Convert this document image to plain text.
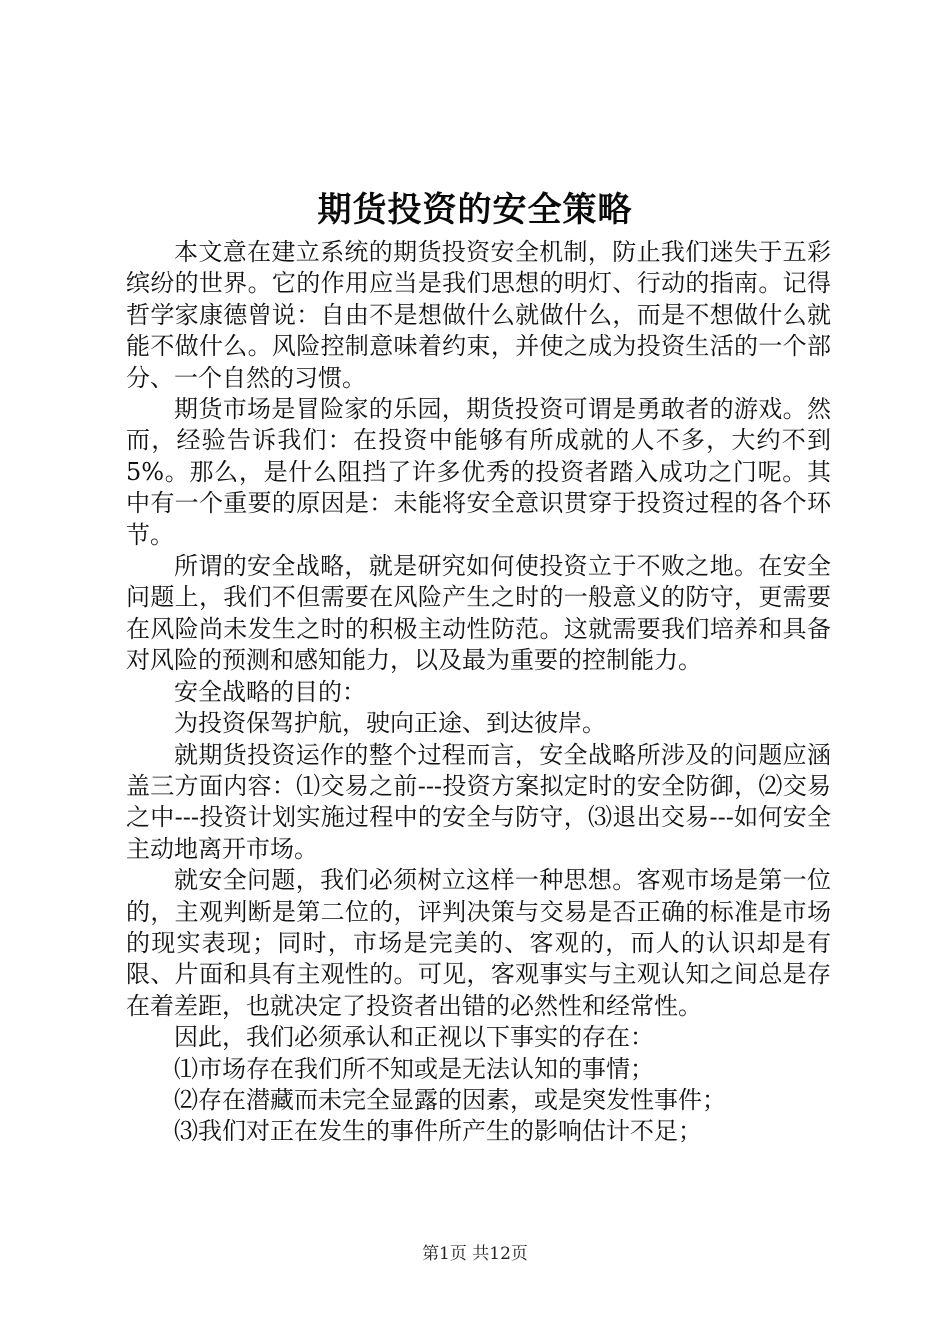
期货投资的安全策略

本文意在建立系统的期货投资安全机制，防止我们迷失于五彩缤纷的世界。它的作用应当是我们思想的明灯、行动的指南。记得哲学家康德曾说：自由不是想做什么就做什么，而是不想做什么就能不做什么。风险控制意味着约束，并使之成为投资生活的一个部分、一个自然的习惯。

期货市场是冒险家的乐园，期货投资可谓是勇敢者的游戏。然而，经验告诉我们：在投资中能够有所成就的人不多，大约不到5%。那么，是什么阻挡了许多优秀的投资者踏入成功之门呢。其中有一个重要的原因是：未能将安全意识贯穿于投资过程的各个环节。

所谓的安全战略，就是研究如何使投资立于不败之地。在安全问题上，我们不但需要在风险产生之时的一般意义的防守，更需要在风险尚未发生之时的积极主动性防范。这就需要我们培养和具备对风险的预测和感知能力，以及最为重要的控制能力。

安全战略的目的：

为投资保驾护航，驶向正途、到达彼岸。

就期货投资运作的整个过程而言，安全战略所涉及的问题应涵盖三方面内容：⑴交易之前---投资方案拟定时的安全防御，⑵交易之中---投资计划实施过程中的安全与防守，⑶退出交易---如何安全主动地离开市场。

就安全问题，我们必须树立这样一种思想。客观市场是第一位的，主观判断是第二位的，评判决策与交易是否正确的标准是市场的现实表现；同时，市场是完美的、客观的，而人的认识却是有限、片面和具有主观性的。可见，客观事实与主观认知之间总是存在着差距，也就决定了投资者出错的必然性和经常性。

因此，我们必须承认和正视以下事实的存在：

⑴市场存在我们所不知或是无法认知的事情；

⑵存在潜藏而未完全显露的因素，或是突发性事件；

⑶我们对正在发生的事件所产生的影响估计不足；

第1页 共12页
